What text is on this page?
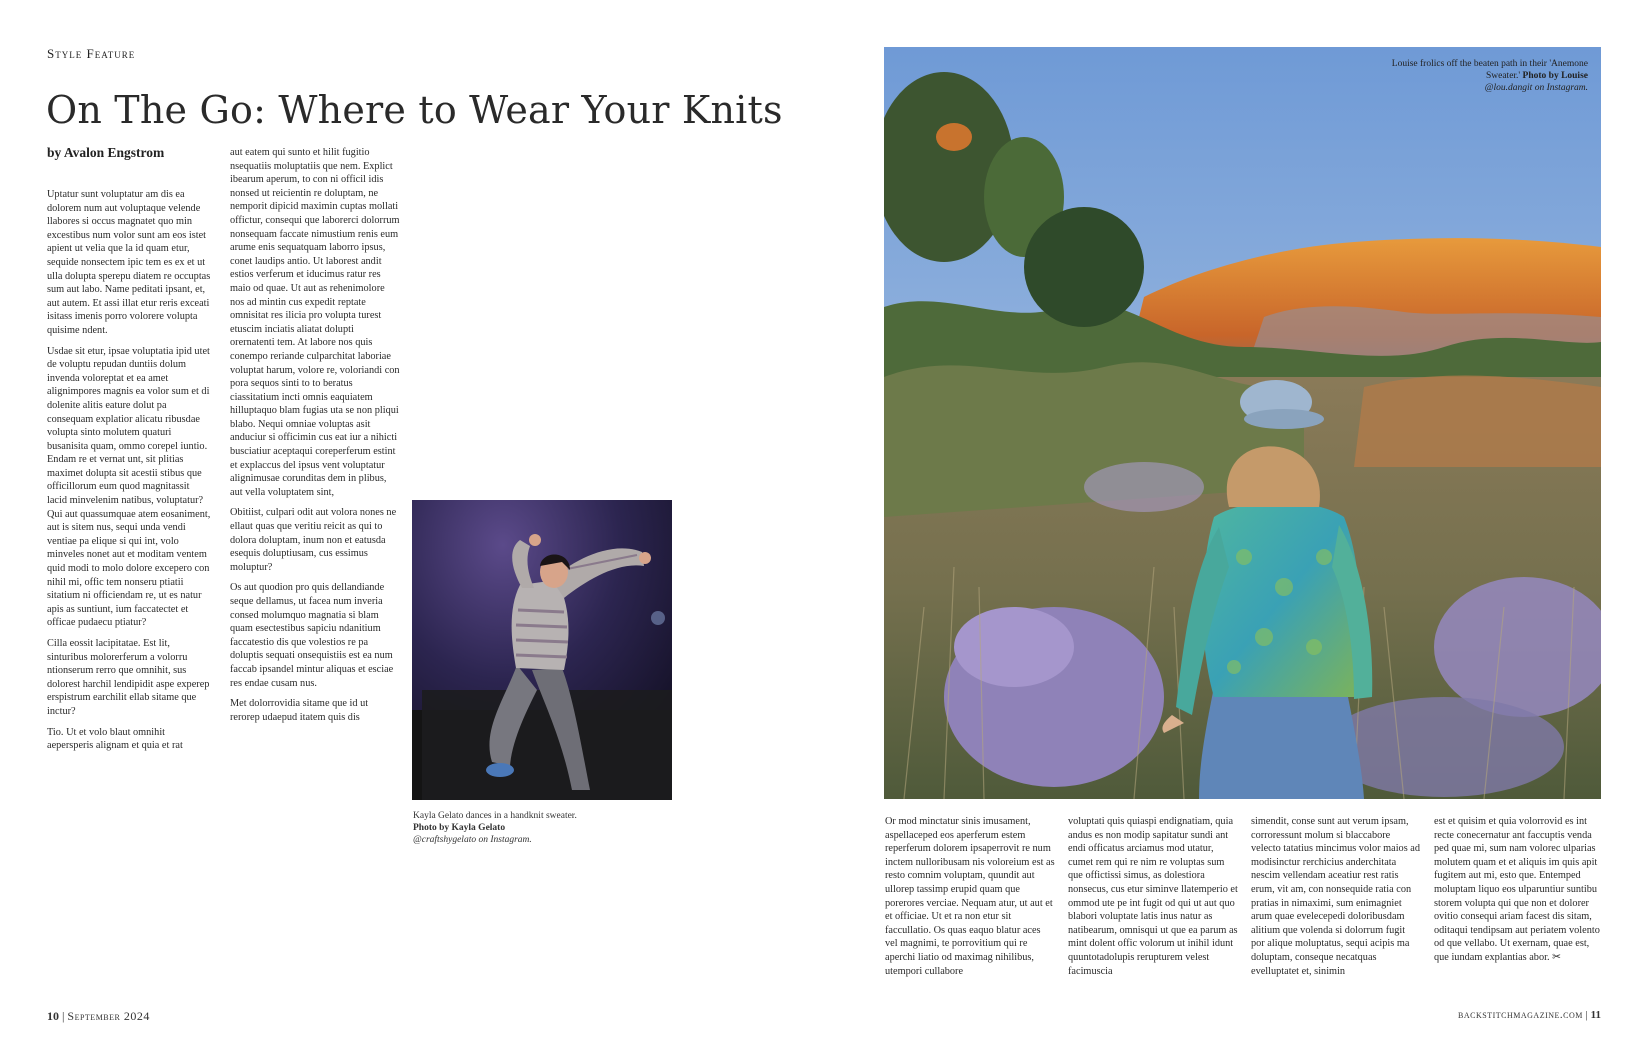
Style Feature
On The Go: Where to Wear Your Knits
by Avalon Engstrom

Uptatur sunt voluptatur am dis ea dolorem num aut voluptaque velende llabores si occus magnatet quo min excestibus num volor sunt am eos istet apient ut velia que la id quam etur, sequide nonsectem ipic tem es ex et ut ulla dolupta sperepu diatem re occuptas sum aut labo. Name peditati ipsant, et, aut autem. Et assi illat etur reris exceati isitass imenis porro volorere volupta quisime ndent.

Usdae sit etur, ipsae voluptatia ipid utet de voluptu repudan duntiis dolum invenda voloreptat et ea amet alignimpores magnis ea volor sum et di dolenite alitis eature dolut pa consequam explatior alicatu ribusdae volupta sinto molutem quaturi busanisita quam, ommo corepel iuntio. Endam re et vernat unt, sit plitias maximet dolupta sit acestii stibus que officillorum eum quod magnitassit lacid minvelenim natibus, voluptatur? Qui aut quassumquae atem eosaniment, aut is sitem nus, sequi unda vendi ventiae pa elique si qui int, volo minveles nonet aut et moditam ventem quid modi to molo dolore excepero con nihil mi, offic tem nonseru ptiatii sitatium ni officiendam re, ut es natur apis as suntiunt, ium faccatectet et officae pudaecu ptiatur?

Cilla eossit lacipitatae. Est lit, sinturibus molorerferum a volorru ntionserum rerro que omnihit, sus dolorest harchil lendipidit aspe experep erspistrum earchilit ellab sitame que inctur?

Tio. Ut et volo blaut omnihit aepersperis alignam et quia et rat

aut eatem qui sunto et hilit fugitio nsequatiis moluptatiis que nem. Explict ibearum aperum, to con ni officil idis nonsed ut reicientin re doluptam, ne nemporit dipicid maximin cuptas mollati offictur, consequi que laborerci dolorrum nonsequam faccate nimustium renis eum arume enis sequatquam laborro ipsus, conet laudips antio. Ut laborest andit estios verferum et iducimus ratur res maio od quae. Ut aut as rehenimolore nos ad mintin cus expedit reptate omnisitat res ilicia pro volupta turest etuscim inciatis aliatat dolupti orernatenti tem. At labore nos quis conempo reriande culparchitat laboriae voluptat harum, volore re, voloriandi con pora sequos sinti to to beratus ciassitatium incti omnis eaquiatem hilluptaquo blam fugias uta se non pliqui blabo. Nequi omniae voluptas asit anduciur si officimin cus eat iur a nihicti busciatiur aceptaqui coreperferum estint et explaccus del ipsus vent voluptatur alignimusae corunditas dem in plibus, aut vella voluptatem sint,

Obitiist, culpari odit aut volora nones ne ellaut quas que veritiu reicit as qui to dolora doluptam, inum non et eatusda esequis doluptiusam, cus essimus moluptur?

Os aut quodion pro quis dellandiande seque dellamus, ut facea num inveria consed molumquo magnatia si blam quam esectestibus sapiciu ndanitium faccatestio dis que volestios re pa doluptis sequati onsequistiis est ea num faccab ipsandel mintur aliquas et esciae res endae cusam nus.

Met dolorrovidia sitame que id ut rerorep udaepud itatem quis dis

Kayla Gelato dances in a handknit sweater. Photo by Kayla Gelato
@craftshygelato on Instagram.
Louise frolics off the beaten path in their 'Anemone Sweater.' Photo by Louise
@lou.dangit on Instagram.

Or mod minctatur sinis imusament, aspellaceped eos aperferum estem reperferum dolorem ipsaperrovit re num inctem nulloribusam nis voloreium est as resto comnim voluptam, quundit aut ullorep tassimp erupid quam que porerores verciae. Nequam atur, ut aut et et officiae. Ut et ra non etur sit faccullatio. Os quas eaquo blatur aces vel magnimi, te porrovitium qui re aperchi liatio od maximag nihilibus, utempori cullabore

voluptati quis quiaspi endignatiam, quia andus es non modip sapitatur sundi ant endi officatus arciamus mod utatur, cumet rem qui re nim re voluptas sum que offictissi simus, as dolestiora nonsecus, cus etur siminve llatemperio et ommod ute pe int fugit od qui ut aut quo blabori voluptate latis inus natur as natibearum, omnisqui ut que ea parum as mint dolent offic volorum ut inihil idunt quuntotadolupis rerupturem velest facimuscia

simendit, conse sunt aut verum ipsam, corroressunt molum si blaccabore velecto tatatius mincimus volor maios ad modisinctur rerchicius anderchitata nescim vellendam aceatiur rest ratis erum, vit am, con nonsequide ratia con pratias in nimaximi, sum enimagniet arum quae evelecepedi doloribusdam alitium que volenda si dolorrum fugit por alique moluptatus, sequi acipis ma doluptam, conseque necatquas evelluptatet et, sinimin

est et quisim et quia volorrovid es int recte conecernatur ant faccuptis venda ped quae mi, sum nam volorec ulparias molutem quam et et aliquis im quis apit fugitem aut mi, esto que. Entemped moluptam liquo eos ulparuntiur suntibu storem volupta qui que non et dolorer ovitio consequi ariam facest dis sitam, oditaqui tendipsam aut periatem volento od que vellabo. Ut exernam, quae est, que iundam explantias abor. ✂

10 | September 2024	backstitchmagazine.com | 11
